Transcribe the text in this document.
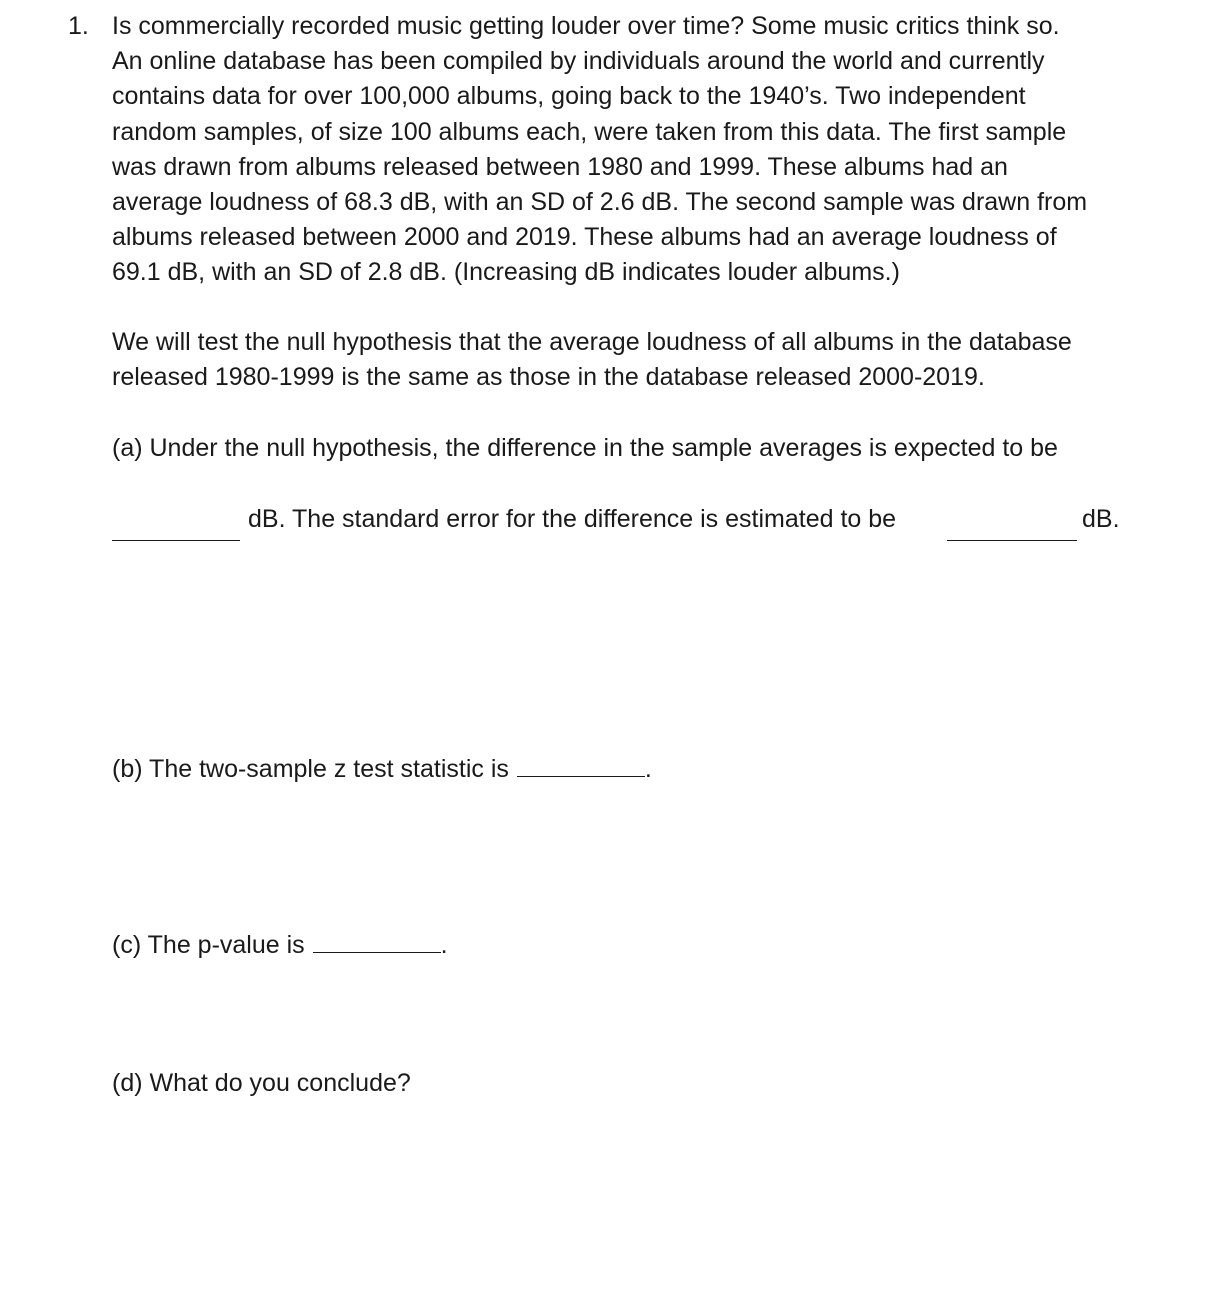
1. Is commercially recorded music getting louder over time? Some music critics think so.
An online database has been compiled by individuals around the world and currently
contains data for over 100,000 albums, going back to the 1940’s. Two independent
random samples, of size 100 albums each, were taken from this data. The first sample
was drawn from albums released between 1980 and 1999. These albums had an
average loudness of 68.3 dB, with an SD of 2.6 dB. The second sample was drawn from
albums released between 2000 and 2019. These albums had an average loudness of
69.1 dB, with an SD of 2.8 dB. (Increasing dB indicates louder albums.)
We will test the null hypothesis that the average loudness of all albums in the database
released 1980-1999 is the same as those in the database released 2000-2019.
(a) Under the null hypothesis, the difference in the sample averages is expected to be
dB. The standard error for the difference is estimated to be	dB.
(b) The two-sample z test statistic is	.
(c) The p-value is	.
(d) What do you conclude?
